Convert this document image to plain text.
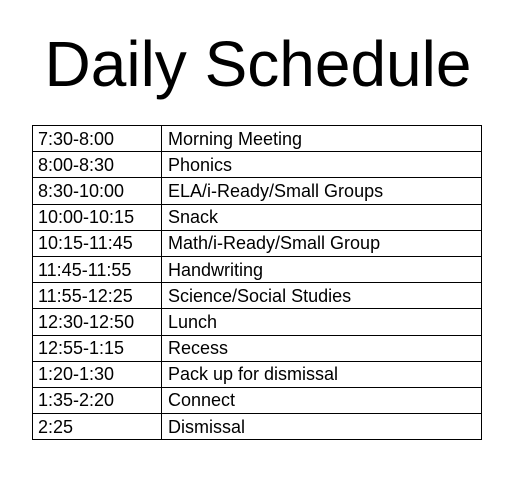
Daily Schedule
7:30-8:00	Morning Meeting
8:00-8:30	Phonics
8:30-10:00	ELA/i-Ready/Small Groups
10:00-10:15	Snack
10:15-11:45	Math/i-Ready/Small Group
11:45-11:55	Handwriting
11:55-12:25	Science/Social Studies
12:30-12:50	Lunch
12:55-1:15	Recess
1:20-1:30	Pack up for dismissal
1:35-2:20	Connect
2:25	Dismissal
